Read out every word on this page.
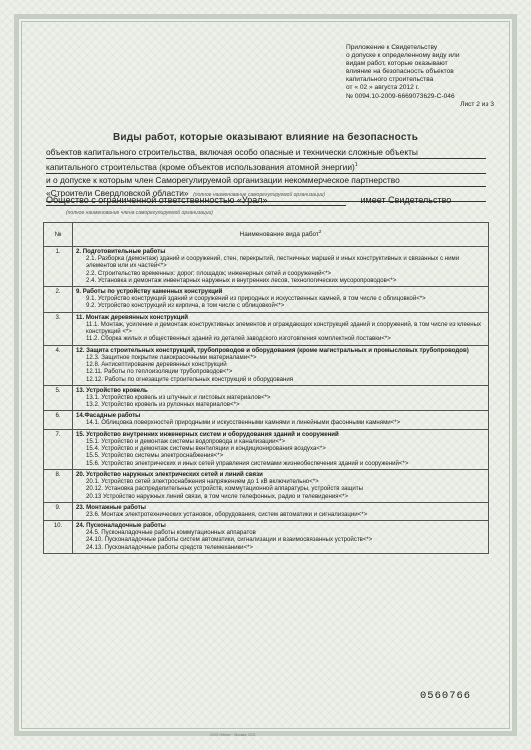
Приложение к Свидетельству
о допуске к определенному виду или
видам работ, которые оказывают
влияние на безопасность объектов
капитального строительства
от « 02 » августа 2012 г.
№ 0094.10-2009-6669073629-С-046
Лист 2 из 3
Виды работ, которые оказывают влияние на безопасность
объектов капитального строительства, включая особо опасные и технически сложные объекты
капитального строительства (кроме объектов использования атомной энергии)$^1$
и о допуске к которым член Саморегулируемой организации некоммерческое партнерство
«Строители Свердловской области» (полное наименование саморегулируемой организации)
Общество с ограниченной ответственностью «Урал»	имеет Свидетельство
(полное наименование члена саморегулируемой организации)
№	Наименование вида работ$^2$
1.	2. Подготовительные работы
2.1. Разборка (демонтаж) зданий и сооружений, стен, перекрытий, лестничных маршей и иных конструктивных и связанных с ними элементов или их частей<*>
2.2. Строительство временных: дорог; площадок; инженерных сетей и сооружений<*>
2.4. Установка и демонтаж инвентарных наружных и внутренних лесов, технологических мусоропроводов<*>

2.	9. Работы по устройству каменных конструкций
9.1. Устройство конструкций зданий и сооружений из природных и искусственных камней, в том числе с облицовкой<*>
9.2. Устройство конструкций из кирпича, в том числе с облицовкой<*>

3.	11. Монтаж деревянных конструкций
11.1. Монтаж, усиление и демонтаж конструктивных элементов и ограждающих конструкций зданий и сооружений, в том числе из клееных конструкций <*>
11.2. Сборка жилых и общественных зданий из деталей заводского изготовления комплектной поставки<*>

4.	12. Защита строительных конструкций, трубопроводов и оборудования (кроме магистральных и промысловых трубопроводов)
12.3. Защитное покрытие лакокрасочными материалами<*>
12.8. Антисептирование деревянных конструкций
12.11. Работы по теплоизоляции трубопроводов<*>
12.12. Работы по огнезащите строительных конструкций и оборудования

5.	13. Устройство кровель
13.1. Устройство кровель из штучных и листовых материалов<*>
13.2. Устройство кровель из рулонных материалов<*>

6.	14.Фасадные работы
14.1. Облицовка поверхностей природными и искусственными камнями и линейными фасонными камнями<*>

7.	15. Устройство внутренних инженерных систем и оборудования зданий и сооружений
15.1. Устройство и демонтаж системы водопровода и канализации<*>
15.4. Устройство и демонтаж системы вентиляции и кондиционирования воздуха<*>
15.5. Устройство системы электроснабжения<*>
15.6. Устройство электрических и иных сетей управления системами жизнеобеспечения зданий и сооружений<*>

8.	20. Устройство наружных электрических сетей и линий связи
20.1. Устройство сетей электроснабжения напряжением до 1 кВ включительно<*>
20.12. Установка распределительных устройств, коммутационной аппаратуры, устройств защиты
20.13 Устройство наружных линий связи, в том числе телефонных, радио и телевидения<*>

9.	23. Монтажные работы
23.6. Монтаж электротехнических установок, оборудования, систем автоматики и сигнализации<*>

10.	24. Пусконаладочные работы
24.5. Пусконаладочные работы коммутационных аппаратов
24.10. Пусконаладочные работы систем автоматики, сигнализации и взаимосвязанных устройств<*>
24.13. Пусконаладочные работы средств телемеханики<*>
0560766
ООО «Мега» · Москва, 2011
